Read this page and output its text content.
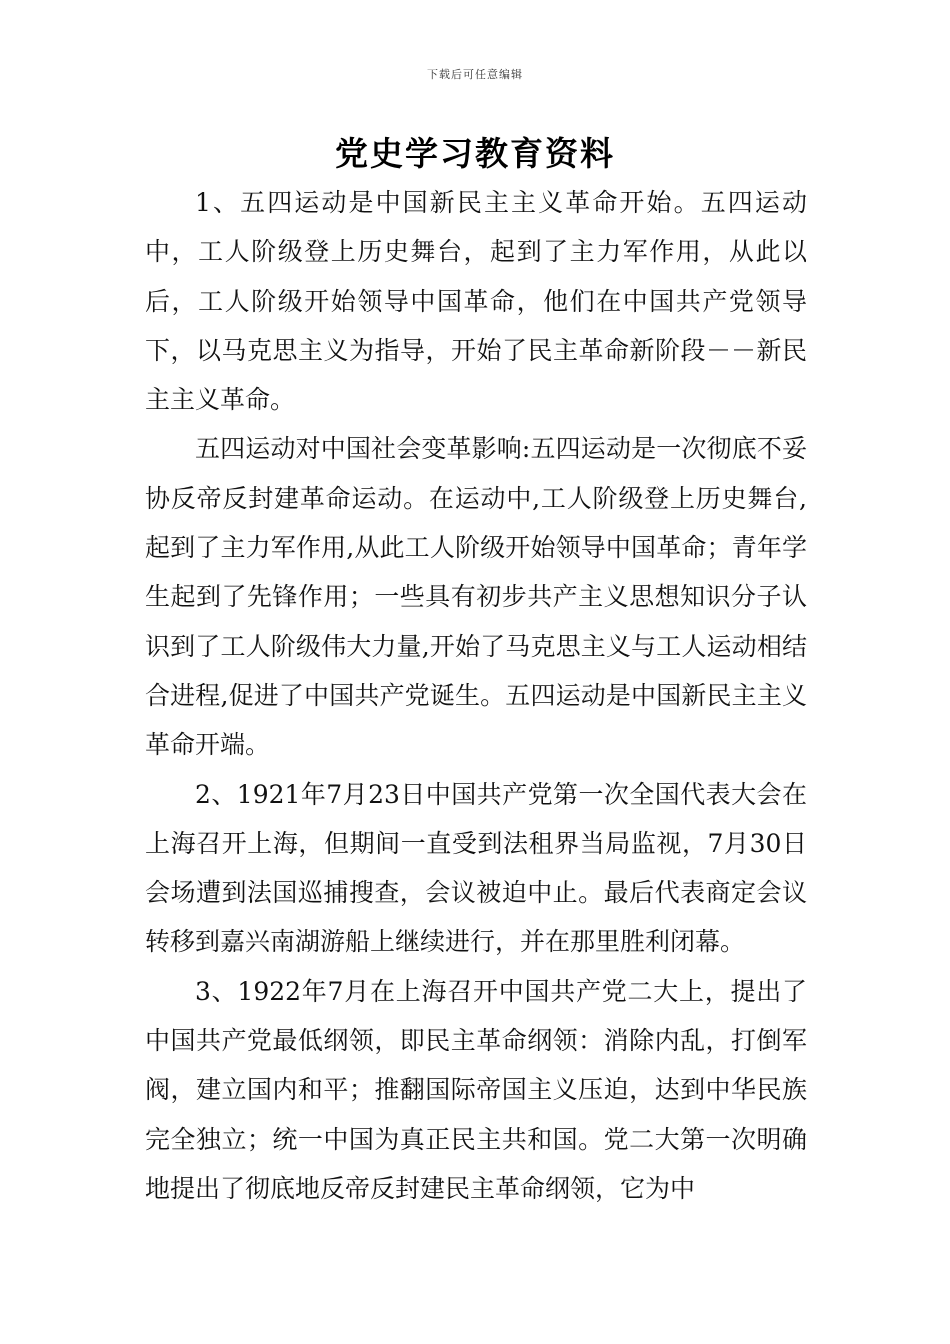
下载后可任意编辑
党史学习教育资料

1、五四运动是中国新民主主义革命开始。五四运动中，工人阶级登上历史舞台，起到了主力军作用，从此以后，工人阶级开始领导中国革命，他们在中国共产党领导下，以马克思主义为指导，开始了民主革命新阶段－－新民主主义革命。

五四运动对中国社会变革影响:五四运动是一次彻底不妥协反帝反封建革命运动。在运动中,工人阶级登上历史舞台,起到了主力军作用,从此工人阶级开始领导中国革命；青年学生起到了先锋作用；一些具有初步共产主义思想知识分子认识到了工人阶级伟大力量,开始了马克思主义与工人运动相结合进程,促进了中国共产党诞生。五四运动是中国新民主主义革命开端。

2、1921年7月23日中国共产党第一次全国代表大会在上海召开上海，但期间一直受到法租界当局监视，7月30日会场遭到法国巡捕搜查，会议被迫中止。最后代表商定会议转移到嘉兴南湖游船上继续进行，并在那里胜利闭幕。

3、1922年7月在上海召开中国共产党二大上，提出了中国共产党最低纲领，即民主革命纲领：消除内乱，打倒军阀，建立国内和平；推翻国际帝国主义压迫，达到中华民族完全独立；统一中国为真正民主共和国。党二大第一次明确地提出了彻底地反帝反封建民主革命纲领，它为中
